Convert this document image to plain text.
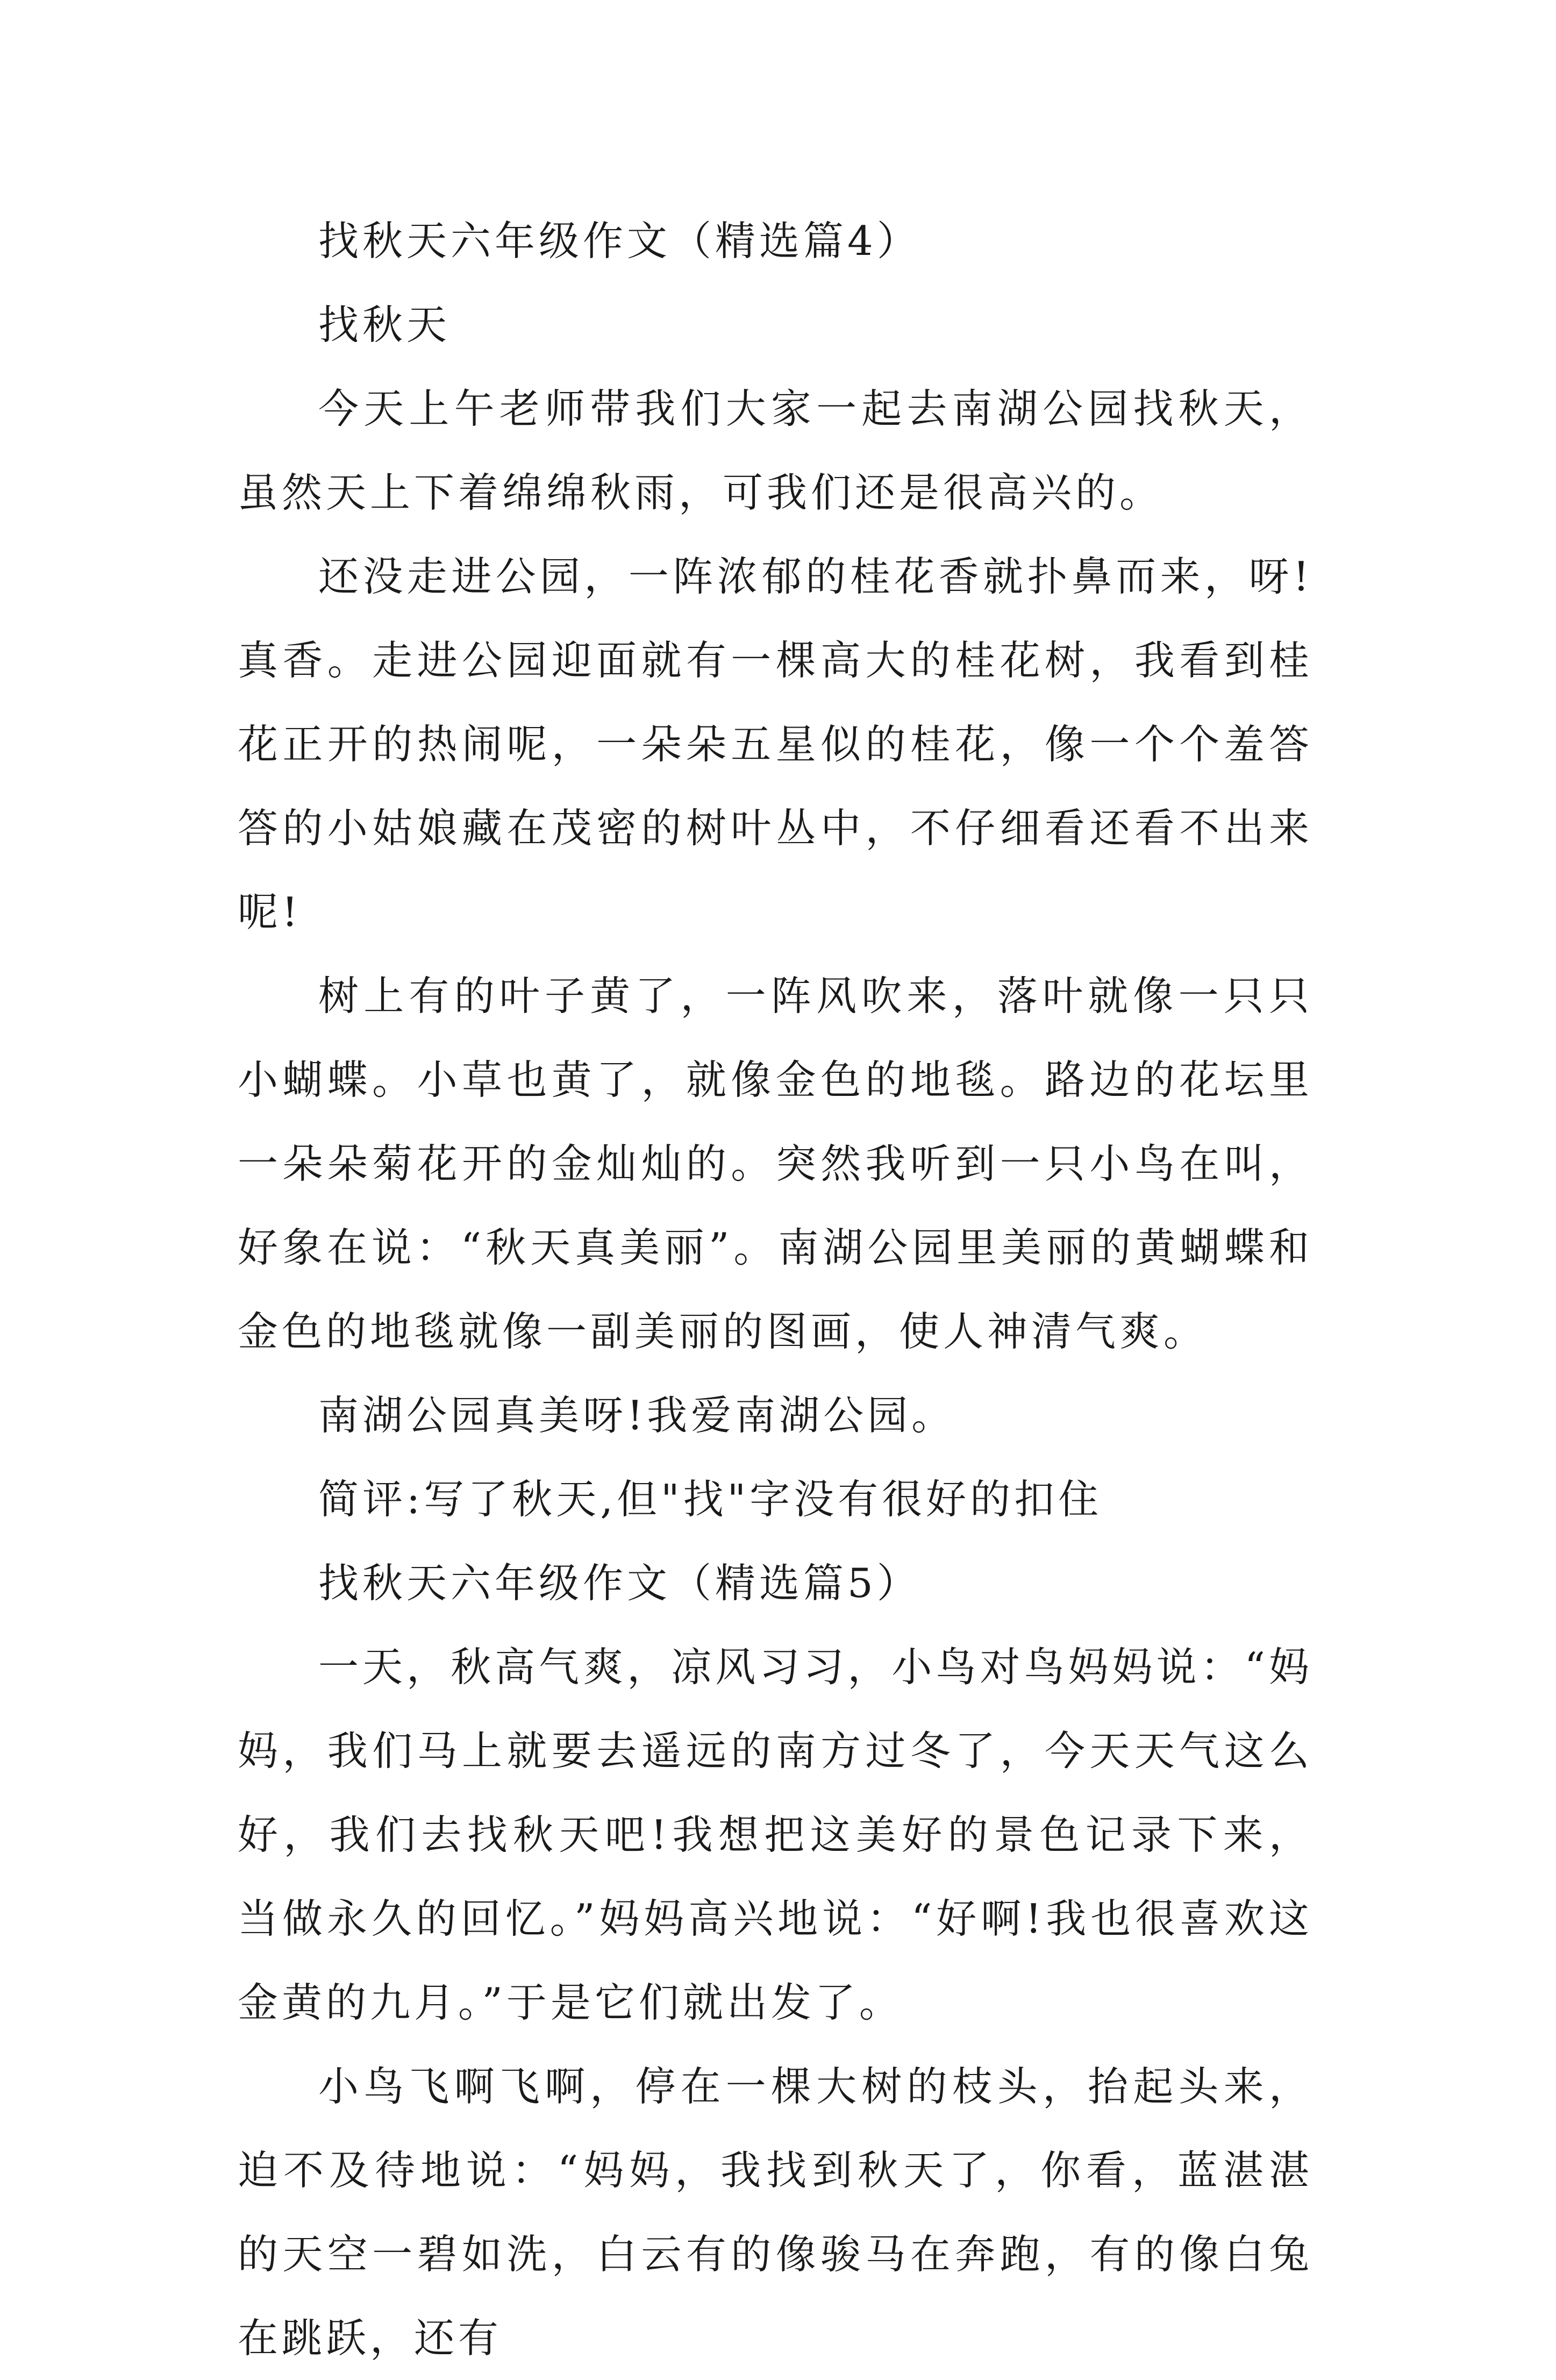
找秋天六年级作文（精选篇4）

找秋天

今天上午老师带我们大家一起去南湖公园找秋天，虽然天上下着绵绵秋雨，可我们还是很高兴的。

还没走进公园，一阵浓郁的桂花香就扑鼻而来，呀!真香。走进公园迎面就有一棵高大的桂花树，我看到桂花正开的热闹呢，一朵朵五星似的桂花，像一个个羞答答的小姑娘藏在茂密的树叶丛中，不仔细看还看不出来呢!

树上有的叶子黄了，一阵风吹来，落叶就像一只只小蝴蝶。小草也黄了，就像金色的地毯。路边的花坛里一朵朵菊花开的金灿灿的。突然我听到一只小鸟在叫，好象在说：“秋天真美丽”。南湖公园里美丽的黄蝴蝶和金色的地毯就像一副美丽的图画，使人神清气爽。

南湖公园真美呀!我爱南湖公园。

简评:写了秋天,但"找"字没有很好的扣住

找秋天六年级作文（精选篇5）

一天，秋高气爽，凉风习习，小鸟对鸟妈妈说：“妈妈，我们马上就要去遥远的南方过冬了，今天天气这么好，我们去找秋天吧!我想把这美好的景色记录下来，当做永久的回忆。”妈妈高兴地说：“好啊!我也很喜欢这金黄的九月。”于是它们就出发了。

小鸟飞啊飞啊，停在一棵大树的枝头，抬起头来，迫不及待地说：“妈妈，我找到秋天了，你看，蓝湛湛的天空一碧如洗，白云有的像骏马在奔跑，有的像白兔在跳跃，还有
